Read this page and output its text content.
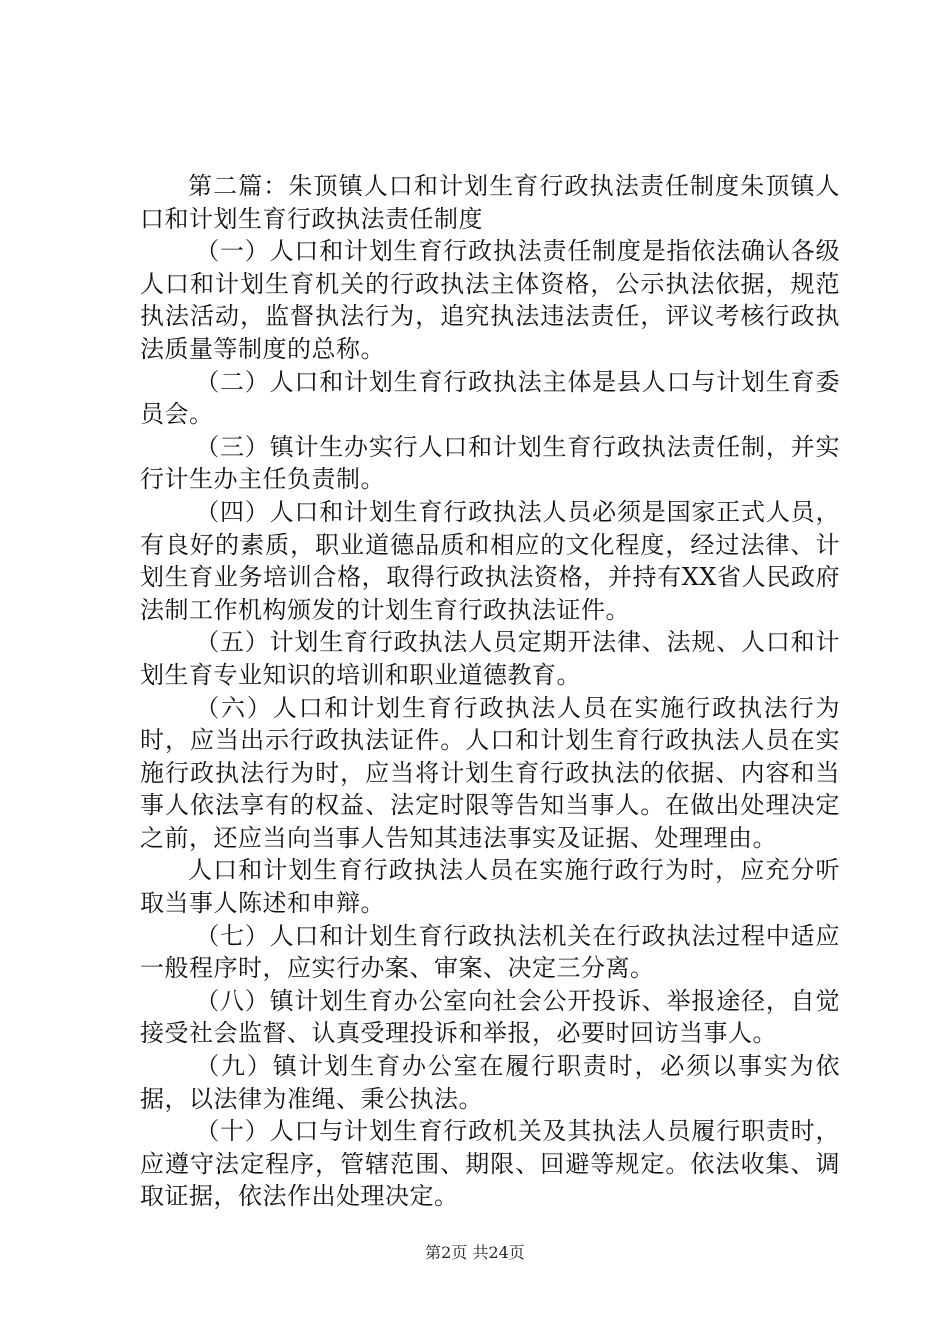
第二篇：朱顶镇人口和计划生育行政执法责任制度朱顶镇人口和计划生育行政执法责任制度

（一）人口和计划生育行政执法责任制度是指依法确认各级人口和计划生育机关的行政执法主体资格，公示执法依据，规范执法活动，监督执法行为，追究执法违法责任，评议考核行政执法质量等制度的总称。

（二）人口和计划生育行政执法主体是县人口与计划生育委员会。

（三）镇计生办实行人口和计划生育行政执法责任制，并实行计生办主任负责制。

（四）人口和计划生育行政执法人员必须是国家正式人员，有良好的素质，职业道德品质和相应的文化程度，经过法律、计划生育业务培训合格，取得行政执法资格，并持有XX省人民政府法制工作机构颁发的计划生育行政执法证件。

（五）计划生育行政执法人员定期开法律、法规、人口和计划生育专业知识的培训和职业道德教育。

（六）人口和计划生育行政执法人员在实施行政执法行为时，应当出示行政执法证件。人口和计划生育行政执法人员在实施行政执法行为时，应当将计划生育行政执法的依据、内容和当事人依法享有的权益、法定时限等告知当事人。在做出处理决定之前，还应当向当事人告知其违法事实及证据、处理理由。

人口和计划生育行政执法人员在实施行政行为时，应充分听取当事人陈述和申辩。

（七）人口和计划生育行政执法机关在行政执法过程中适应一般程序时，应实行办案、审案、决定三分离。

（八）镇计划生育办公室向社会公开投诉、举报途径，自觉接受社会监督、认真受理投诉和举报，必要时回访当事人。

（九）镇计划生育办公室在履行职责时，必须以事实为依据，以法律为准绳、秉公执法。

（十）人口与计划生育行政机关及其执法人员履行职责时，应遵守法定程序，管辖范围、期限、回避等规定。依法收集、调取证据，依法作出处理决定。

第2页 共24页
